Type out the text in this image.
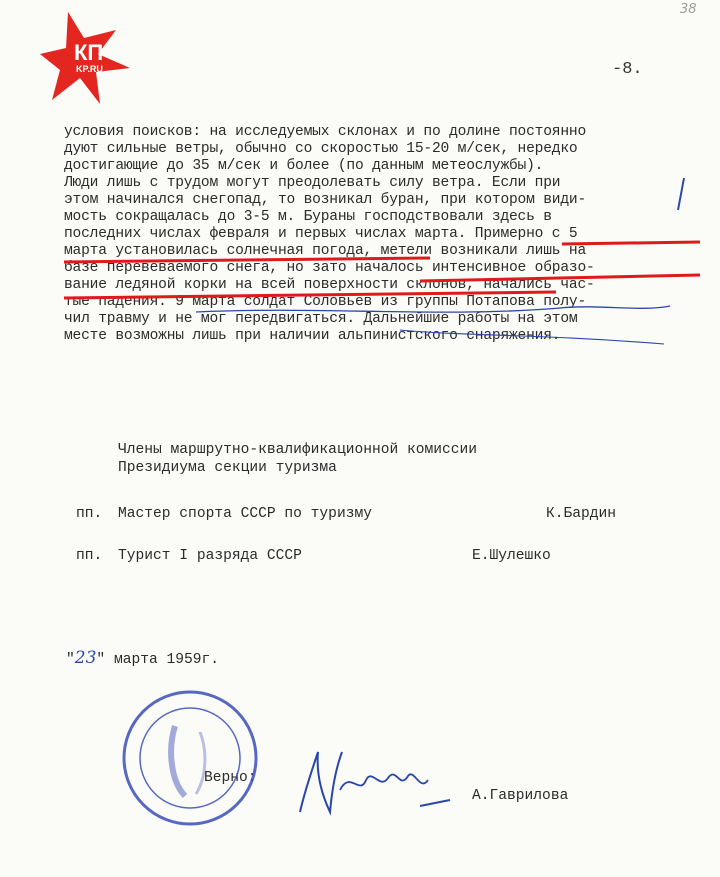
КП
KP.RU
38
-8.
условия поисков: на исследуемых склонах и по долине постоянно
дуют сильные ветры, обычно со скоростью 15-20 м/сек, нередко
достигающие до 35 м/сек и более (по данным метеослужбы).
Люди лишь с трудом могут преодолевать силу ветра. Если при
этом начинался снегопад, то возникал буран, при котором види-
мость сокращалась до 3-5 м. Бураны господствовали здесь в
последних числах февраля и первых числах марта. Примерно с 5
марта установилась солнечная погода, метели возникали лишь на
базе перевеваемого снега, но зато началось интенсивное образо-
вание ледяной корки на всей поверхности склонов, начались час-
тые падения. 9 марта солдат Соловьев из группы Потапова полу-
чил травму и не мог передвигаться. Дальнейшие работы на этом
месте возможны лишь при наличии альпинистского снаряжения.
Члены маршрутно-квалификационной комиссии
Президиума секции туризма
пп. Мастер спорта СССР по туризму	К.Бардин
пп. Турист I разряда СССР	Е.Шулешко
"23" марта 1959г.
Верно:
А.Гаврилова
